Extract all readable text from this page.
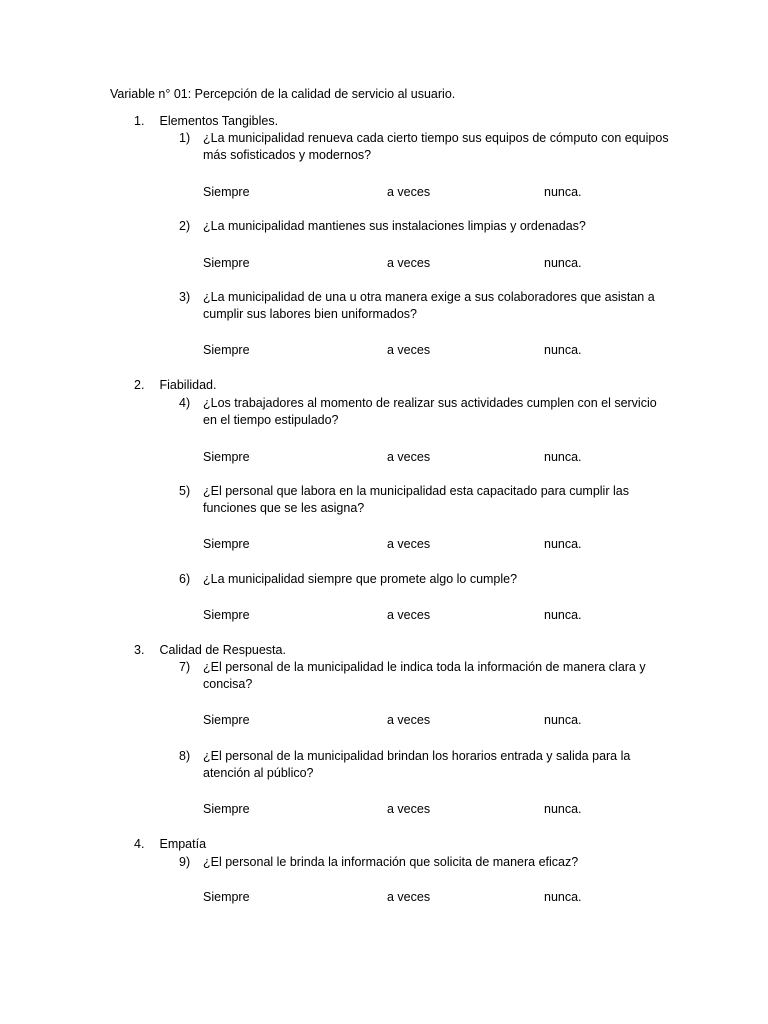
Variable n° 01: Percepción de la calidad de servicio al usuario.
1. Elementos Tangibles.
1)	¿La municipalidad renueva cada cierto tiempo sus equipos de cómputo con equipos más sofisticados y modernos?
Siempre	a veces	nunca.
2)	¿La municipalidad mantienes sus instalaciones limpias y ordenadas?
Siempre	a veces	nunca.
3)	¿La municipalidad de una u otra manera exige a sus colaboradores que asistan a cumplir sus labores bien uniformados?
Siempre	a veces	nunca.
2. Fiabilidad.
4)	¿Los trabajadores al momento de realizar sus actividades cumplen con el servicio en el tiempo estipulado?
Siempre	a veces	nunca.
5)	¿El personal que labora en la municipalidad esta capacitado para cumplir las funciones que se les asigna?
Siempre	a veces	nunca.
6)	¿La municipalidad siempre que promete algo lo cumple?
Siempre	a veces	nunca.
3. Calidad de Respuesta.
7)	¿El personal de la municipalidad le indica toda la información de manera clara y concisa?
Siempre	a veces	nunca.
8)	¿El personal de la municipalidad brindan los horarios entrada y salida para la atención al público?
Siempre	a veces	nunca.
4. Empatía
9)	¿El personal le brinda la información que solicita de manera eficaz?
Siempre	a veces	nunca.
